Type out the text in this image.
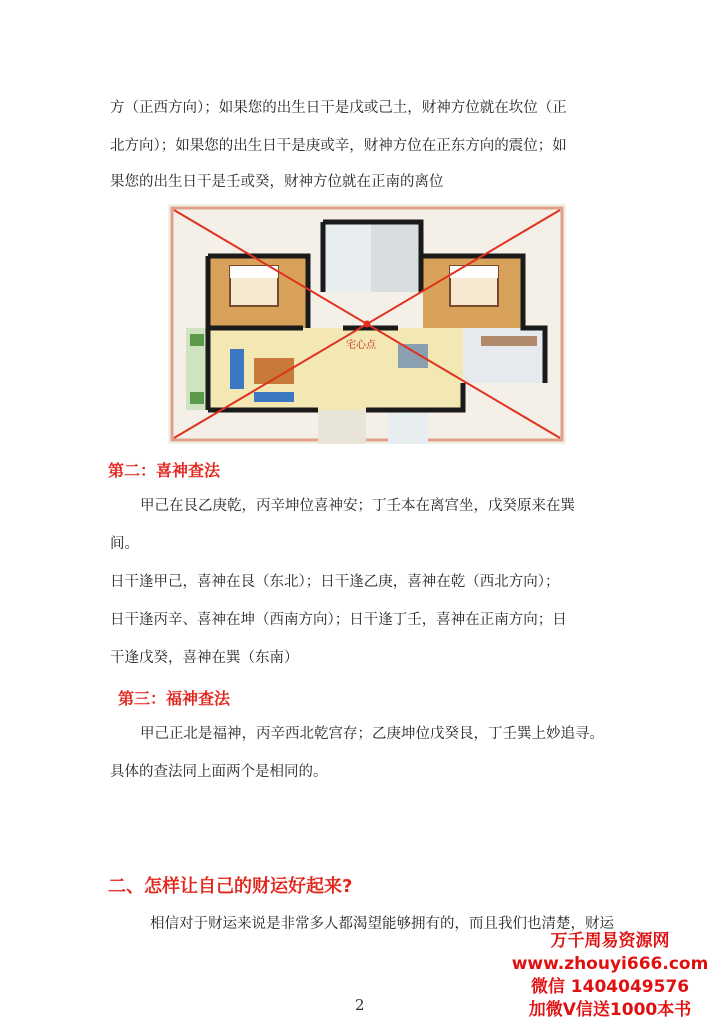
方（正西方向）；如果您的出生日干是戊或己土，财神方位就在坎位（正

北方向）；如果您的出生日干是庚或辛，财神方位在正东方向的震位；如

果您的出生日干是壬或癸，财神方位就在正南的离位

宅心点
第二：喜神查法

甲己在艮乙庚乾，丙辛坤位喜神安；丁壬本在离宫坐，戊癸原来在巽

间。

日干逢甲己，喜神在艮（东北）；日干逢乙庚，喜神在乾（西北方向）；

日干逢丙辛、喜神在坤（西南方向）；日干逢丁壬，喜神在正南方向；日

干逢戊癸，喜神在巽（东南）

第三：福神查法

甲己正北是福神，丙辛西北乾宫存；乙庚坤位戊癸艮，丁壬巽上妙追寻。

具体的查法同上面两个是相同的。

二、怎样让自己的财运好起来?

相信对于财运来说是非常多人都渴望能够拥有的，而且我们也清楚，财运

2
万千周易资源网
www.zhouyi666.com
微信 1404049576
加微V信送1000本书
